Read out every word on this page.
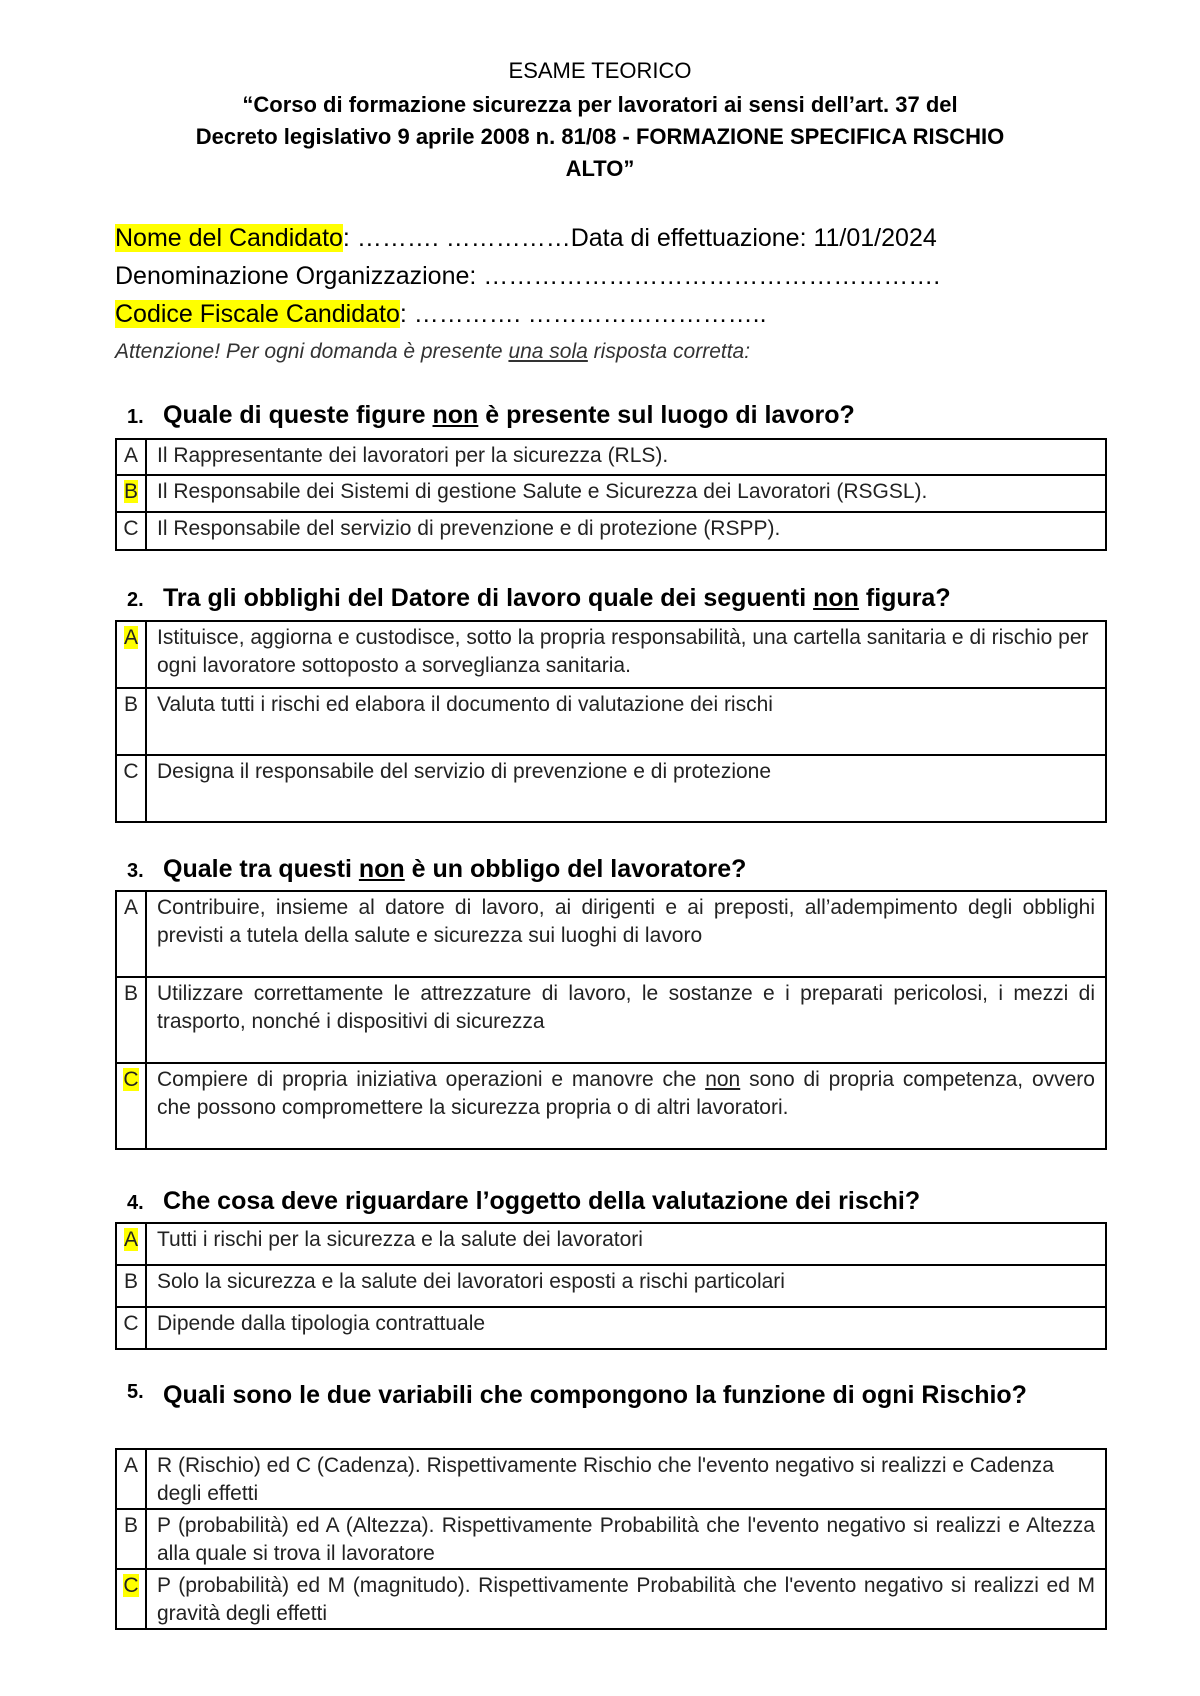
ESAME TEORICO
“Corso di formazione sicurezza per lavoratori ai sensi dell’art. 37 del
Decreto legislativo 9 aprile 2008 n. 81/08 - FORMAZIONE SPECIFICA RISCHIO
ALTO”
Nome del Candidato: ………. ……………Data di effettuazione: 11/01/2024
Denominazione Organizzazione: ……………………………………………….
Codice Fiscale Candidato: …………. ………………………..
Attenzione! Per ogni domanda è presente una sola risposta corretta:
1. Quale di queste figure non è presente sul luogo di lavoro?
A	Il Rappresentante dei lavoratori per la sicurezza (RLS).
B	Il Responsabile dei Sistemi di gestione Salute e Sicurezza dei Lavoratori (RSGSL).
C	Il Responsabile del servizio di prevenzione e di protezione (RSPP).
2. Tra gli obblighi del Datore di lavoro quale dei seguenti non figura?
A	Istituisce, aggiorna e custodisce, sotto la propria responsabilità, una cartella sanitaria e di rischio per ogni lavoratore sottoposto a sorveglianza sanitaria.
B	Valuta tutti i rischi ed elabora il documento di valutazione dei rischi
C	Designa il responsabile del servizio di prevenzione e di protezione
3. Quale tra questi non è un obbligo del lavoratore?
A	Contribuire, insieme al datore di lavoro, ai dirigenti e ai preposti, all’adempimento degli obblighi previsti a tutela della salute e sicurezza sui luoghi di lavoro
B	Utilizzare correttamente le attrezzature di lavoro, le sostanze e i preparati pericolosi, i mezzi di trasporto, nonché i dispositivi di sicurezza
C	Compiere di propria iniziativa operazioni e manovre che non sono di propria competenza, ovvero che possono compromettere la sicurezza propria o di altri lavoratori.
4. Che cosa deve riguardare l’oggetto della valutazione dei rischi?
A	Tutti i rischi per la sicurezza e la salute dei lavoratori
B	Solo la sicurezza e la salute dei lavoratori esposti a rischi particolari
C	Dipende dalla tipologia contrattuale
5. Quali sono le due variabili che compongono la funzione di ogni Rischio?
A	R (Rischio) ed C (Cadenza). Rispettivamente Rischio che l'evento negativo si realizzi e Cadenza degli effetti
B	P (probabilità) ed A (Altezza). Rispettivamente Probabilità che l'evento negativo si realizzi e Altezza alla quale si trova il lavoratore
C	P (probabilità) ed M (magnitudo). Rispettivamente Probabilità che l'evento negativo si realizzi ed M gravità degli effetti
